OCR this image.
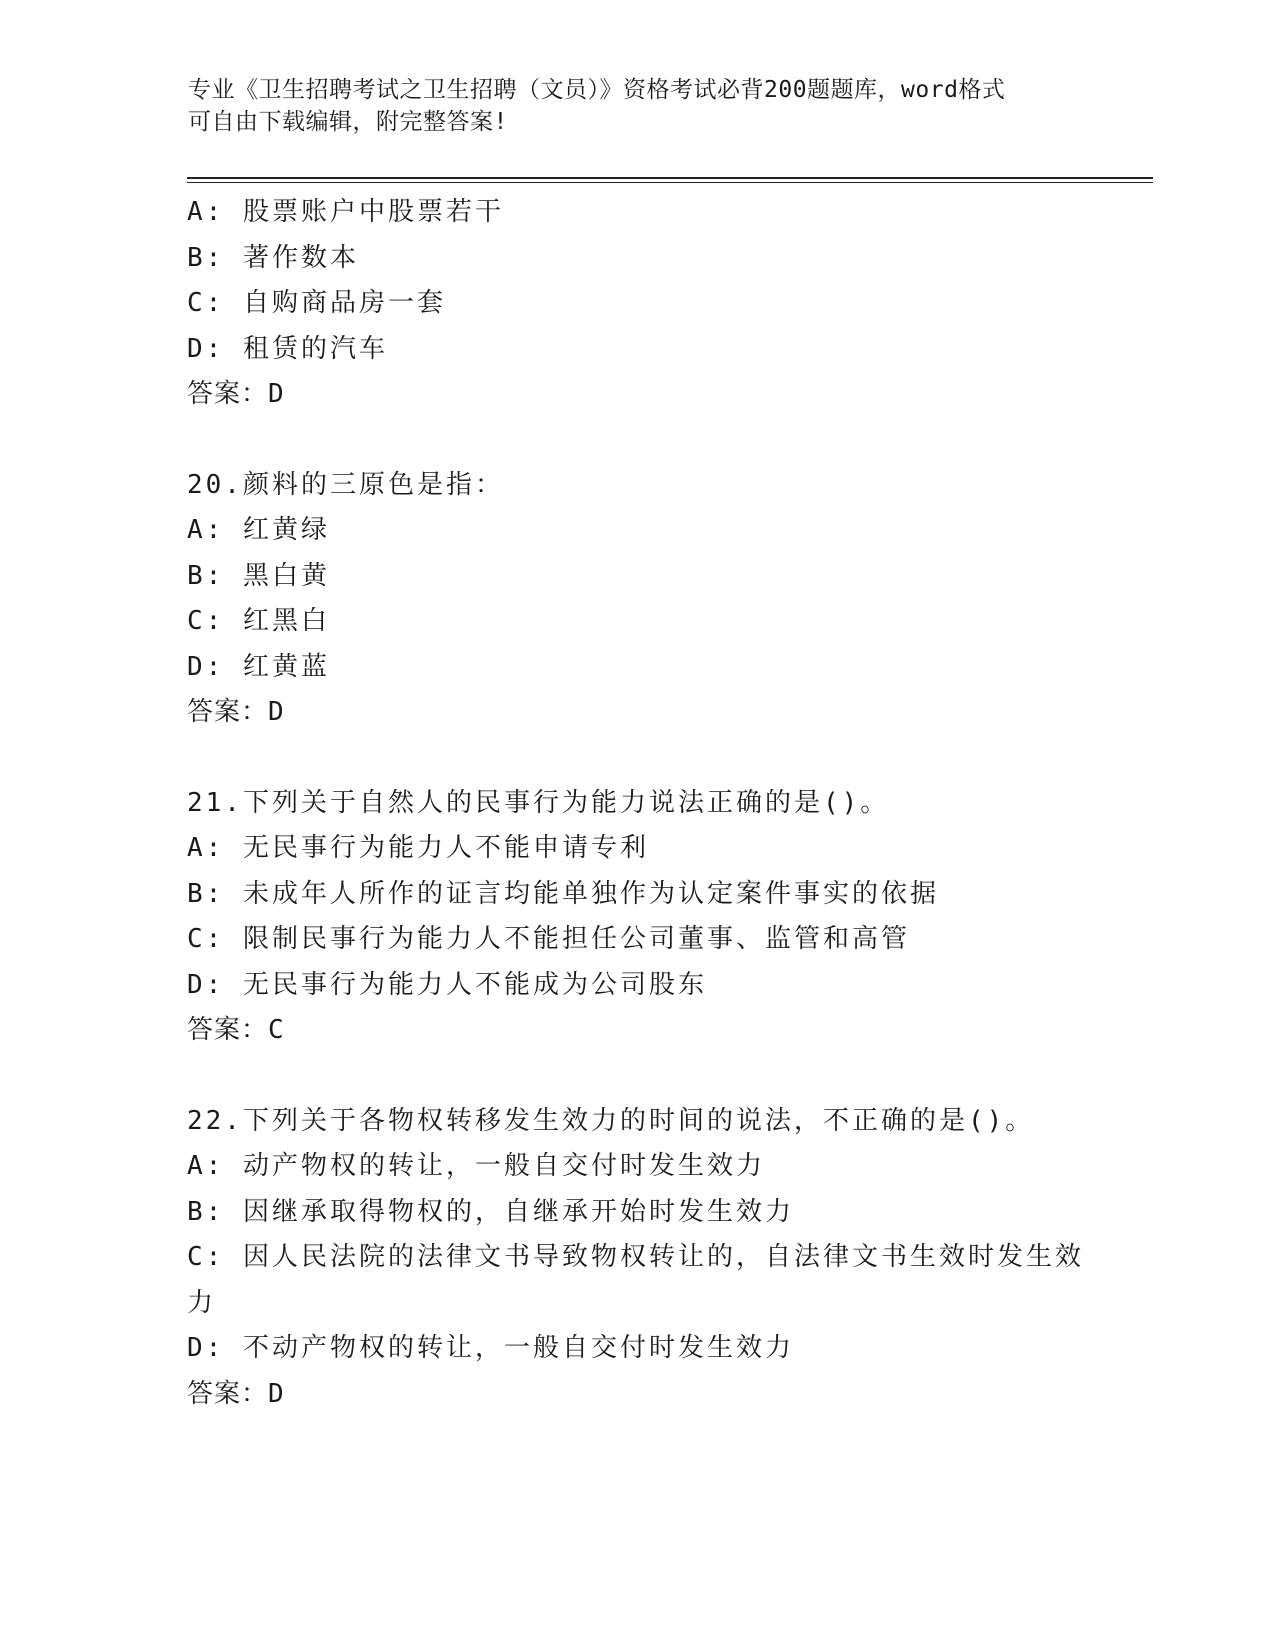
专业《卫生招聘考试之卫生招聘（文员）》资格考试必背200题题库，word格式
可自由下载编辑，附完整答案!
A: 股票账户中股票若干
B: 著作数本
C: 自购商品房一套
D: 租赁的汽车
答案：D
20.颜料的三原色是指：
A: 红黄绿
B: 黑白黄
C: 红黑白
D: 红黄蓝
答案：D
21.下列关于自然人的民事行为能力说法正确的是()。
A: 无民事行为能力人不能申请专利
B: 未成年人所作的证言均能单独作为认定案件事实的依据
C: 限制民事行为能力人不能担任公司董事、监管和高管
D: 无民事行为能力人不能成为公司股东
答案：C
22.下列关于各物权转移发生效力的时间的说法，不正确的是()。
A: 动产物权的转让，一般自交付时发生效力
B: 因继承取得物权的，自继承开始时发生效力
C: 因人民法院的法律文书导致物权转让的，自法律文书生效时发生效
力
D: 不动产物权的转让，一般自交付时发生效力
答案：D
